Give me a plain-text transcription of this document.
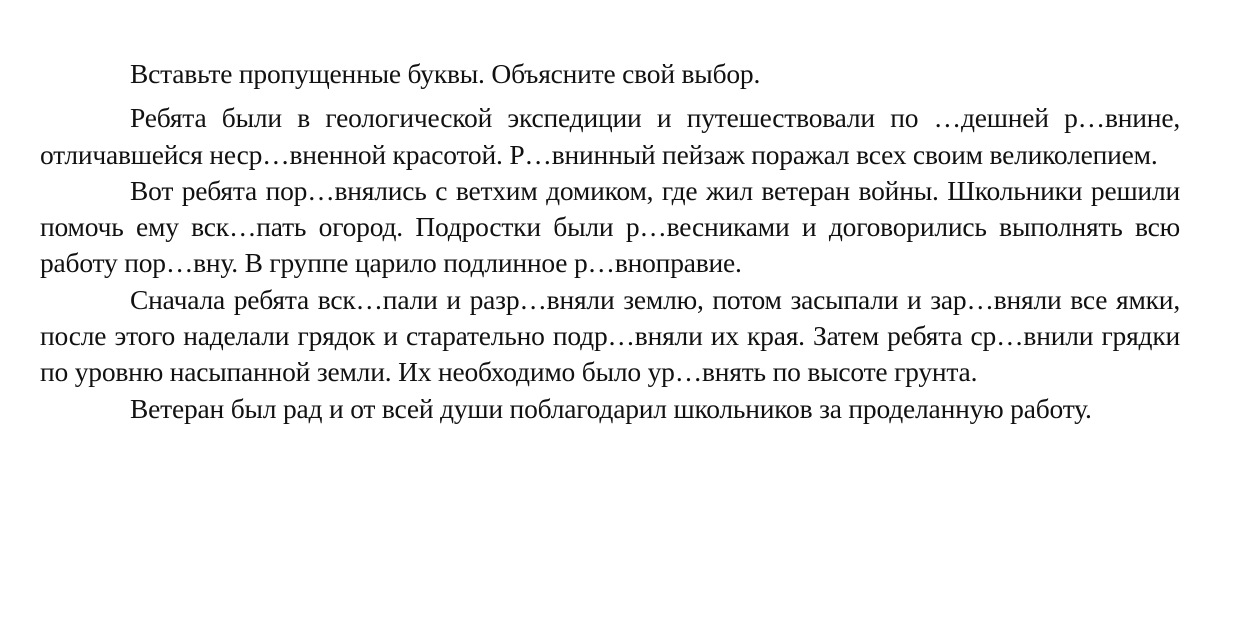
Вставьте пропущенные буквы. Объясните свой выбор.

Ребята были в геологической экспедиции и путешествовали по …дешней р…внине, отличавшейся неср…вненной красотой. Р…внинный пейзаж поражал всех своим великолепием.

Вот ребята пор…внялись с ветхим домиком, где жил ветеран войны. Школьники решили помочь ему вск…пать огород. Подростки были р…весниками и договорились выполнять всю работу пор…вну. В группе царило подлинное р…вноправие.

Сначала ребята вск…пали и разр…вняли землю, потом засыпали и зар…вняли все ямки, после этого наделали грядок и старательно подр…вняли их края. Затем ребята ср…внили грядки по уровню насыпанной земли. Их необходимо было ур…внять по высоте грунта.

Ветеран был рад и от всей души поблагодарил школьников за проделанную работу.
